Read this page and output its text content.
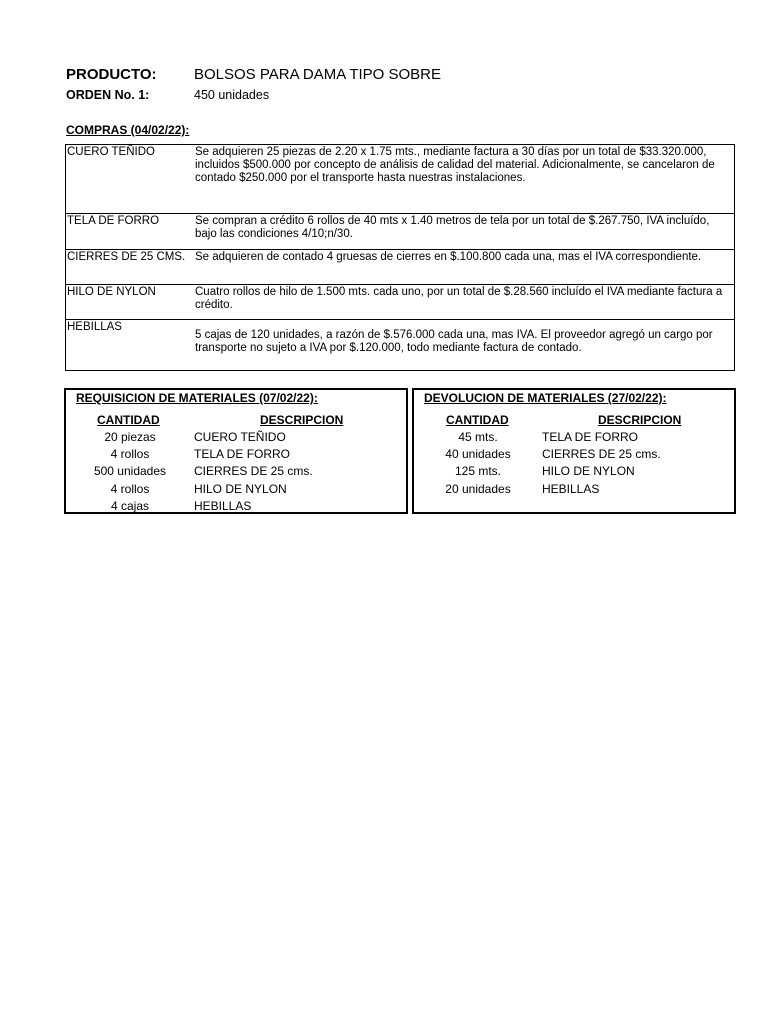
PRODUCTO: BOLSOS PARA DAMA TIPO SOBRE
ORDEN No. 1:	450 unidades
COMPRAS (04/02/22):
CUERO TEÑIDO	Se adquieren 25 piezas de 2.20 x 1.75 mts., mediante factura a 30 días por un total de $33.320.000, incluidos $500.000 por concepto de análisis de calidad del material. Adicionalmente, se cancelaron de contado $250.000 por el transporte hasta nuestras instalaciones.
TELA DE FORRO	Se compran a crédito 6 rollos de 40 mts x 1.40 metros de tela por un total de $.267.750, IVA incluído, bajo las condiciones 4/10;n/30.
CIERRES DE 25 CMS.	Se adquieren de contado 4 gruesas de cierres en $.100.800 cada una, mas el IVA correspondiente.
HILO DE NYLON	Cuatro rollos de hilo de 1.500 mts. cada uno, por un total de $.28.560 incluído el IVA mediante factura a crédito.
HEBILLAS	5 cajas de 120 unidades, a razón de $.576.000 cada una, mas IVA. El proveedor agregó un cargo por transporte no sujeto a IVA por $.120.000, todo mediante factura de contado.
REQUISICION DE MATERIALES (07/02/22):
CANTIDAD	DESCRIPCION
20 piezas	CUERO TEÑIDO
4 rollos	TELA DE FORRO
500 unidades	CIERRES DE 25 cms.
4 rollos	HILO DE NYLON
4 cajas	HEBILLAS
DEVOLUCION DE MATERIALES (27/02/22):
CANTIDAD	DESCRIPCION
45 mts.	TELA DE FORRO
40 unidades	CIERRES DE 25 cms.
125 mts.	HILO DE NYLON
20 unidades	HEBILLAS
